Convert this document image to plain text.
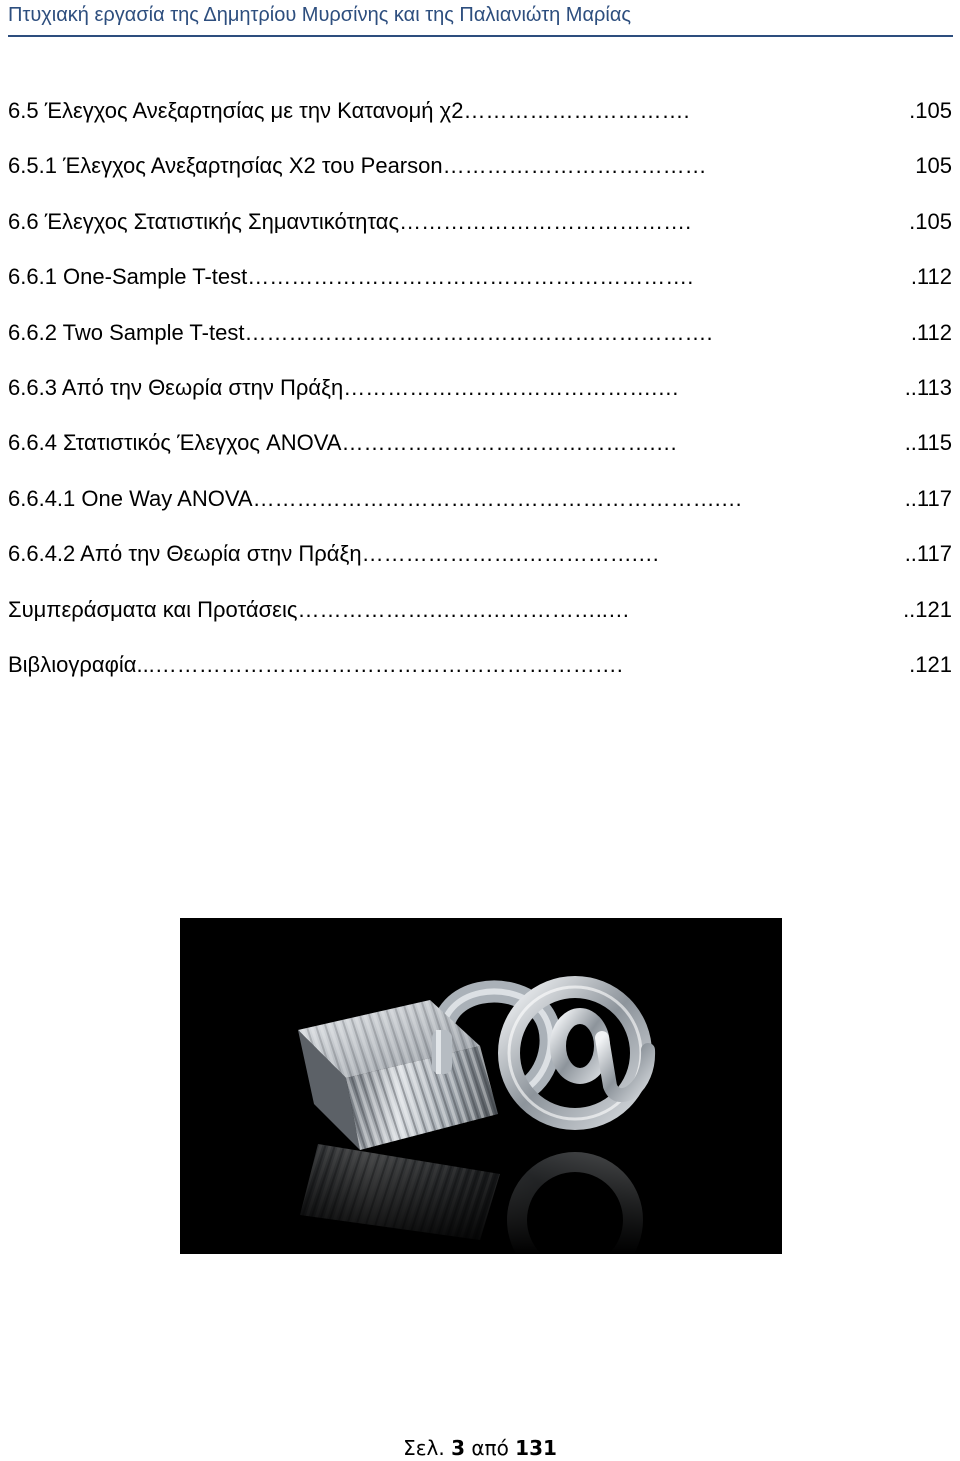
Πτυχιακή εργασία της Δημητρίου Μυρσίνης και της Παλιανιώτη Μαρίας
6.5 Έλεγχος Ανεξαρτησίας με την Κατανομή χ2 ………………………….	.105
6.5.1 Έλεγχος Ανεξαρτησίας Χ2 του Pearson ………………………………	105
6.6 Έλεγχος Στατιστικής Σημαντικότητας ………………………………….	.105
6.6.1 One-Sample T-test …………………………………………………….	.112
6.6.2 Two Sample T-test ……………………………………………………….	.112
6.6.3 Από την Θεωρία στην Πράξη …………………………………….…	..113
6.6.4 Στατιστικός Έλεγχος ANOVA …………………………………….…	..115
6.6.4.1 One Way ANOVA ……………………………………………………….…	..117
6.6.4.2 Από την Θεωρία στην Πράξη ………………….…………….…	..117
Συμπεράσματα και Προτάσεις ……………….…….……………..…	..121
Βιβλιογραφία ...……………………………………………………….	.121
Σελ. 3 από 131
